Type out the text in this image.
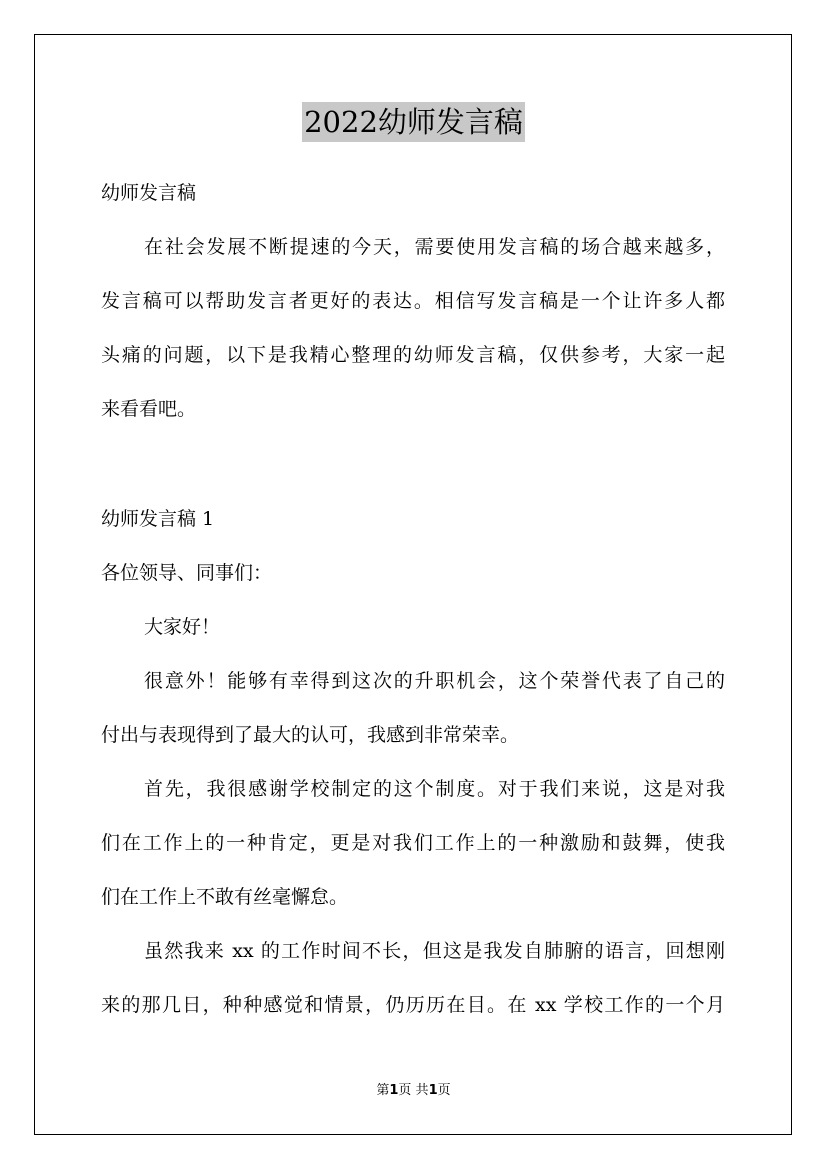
2022幼师发言稿
幼师发言稿
在社会发展不断提速的今天，需要使用发言稿的场合越来越多，
发言稿可以帮助发言者更好的表达。相信写发言稿是一个让许多人都
头痛的问题，以下是我精心整理的幼师发言稿，仅供参考，大家一起
来看看吧。
幼师发言稿 1
各位领导、同事们：
大家好！
很意外！能够有幸得到这次的升职机会，这个荣誉代表了自己的
付出与表现得到了最大的认可，我感到非常荣幸。
首先，我很感谢学校制定的这个制度。对于我们来说，这是对我
们在工作上的一种肯定，更是对我们工作上的一种激励和鼓舞，使我
们在工作上不敢有丝毫懈怠。
虽然我来 xx 的工作时间不长，但这是我发自肺腑的语言，回想刚
来的那几日，种种感觉和情景，仍历历在目。在 xx 学校工作的一个月
第1页 共1页
